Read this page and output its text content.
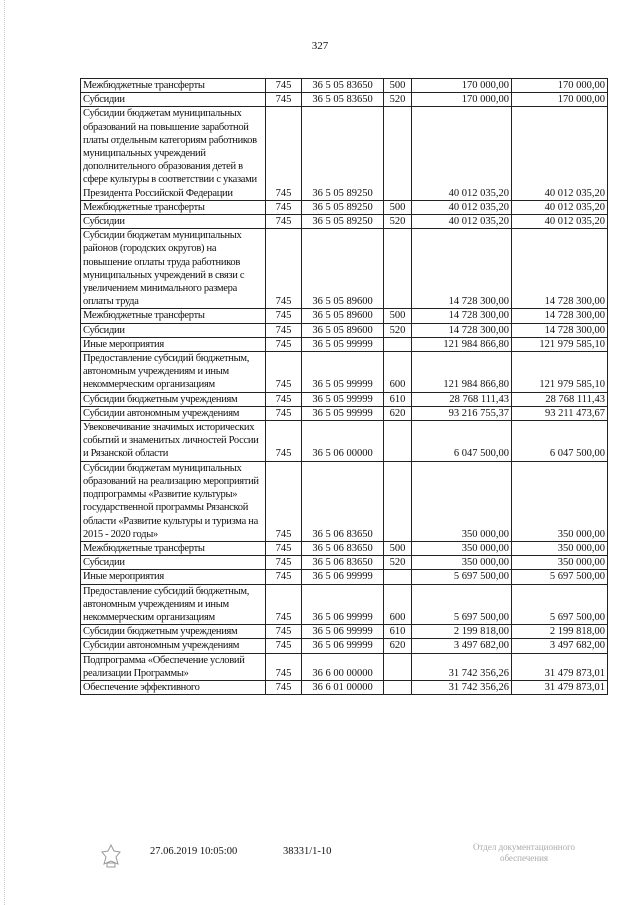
327
Межбюджетные трансферты	745	36 5 05 83650	500	170 000,00	170 000,00
Субсидии	745	36 5 05 83650	520	170 000,00	170 000,00
Субсидии бюджетам муниципальных образований на повышение заработной платы отдельным категориям работников муниципальных учреждений дополнительного образования детей в сфере культуры в соответствии с указами Президента Российской Федерации	745	36 5 05 89250		40 012 035,20	40 012 035,20
Межбюджетные трансферты	745	36 5 05 89250	500	40 012 035,20	40 012 035,20
Субсидии	745	36 5 05 89250	520	40 012 035,20	40 012 035,20
Субсидии бюджетам муниципальных районов (городских округов) на повышение оплаты труда работников муниципальных учреждений в связи с увеличением минимального размера оплаты труда	745	36 5 05 89600		14 728 300,00	14 728 300,00
Межбюджетные трансферты	745	36 5 05 89600	500	14 728 300,00	14 728 300,00
Субсидии	745	36 5 05 89600	520	14 728 300,00	14 728 300,00
Иные мероприятия	745	36 5 05 99999		121 984 866,80	121 979 585,10
Предоставление субсидий бюджетным, автономным учреждениям и иным некоммерческим организациям	745	36 5 05 99999	600	121 984 866,80	121 979 585,10
Субсидии бюджетным учреждениям	745	36 5 05 99999	610	28 768 111,43	28 768 111,43
Субсидии автономным учреждениям	745	36 5 05 99999	620	93 216 755,37	93 211 473,67
Увековечивание значимых исторических событий и знаменитых личностей России и Рязанской области	745	36 5 06 00000		6 047 500,00	6 047 500,00
Субсидии бюджетам муниципальных образований на реализацию мероприятий подпрограммы «Развитие культуры» государственной программы Рязанской области «Развитие культуры и туризма на 2015 - 2020 годы»	745	36 5 06 83650		350 000,00	350 000,00
Межбюджетные трансферты	745	36 5 06 83650	500	350 000,00	350 000,00
Субсидии	745	36 5 06 83650	520	350 000,00	350 000,00
Иные мероприятия	745	36 5 06 99999		5 697 500,00	5 697 500,00
Предоставление субсидий бюджетным, автономным учреждениям и иным некоммерческим организациям	745	36 5 06 99999	600	5 697 500,00	5 697 500,00
Субсидии бюджетным учреждениям	745	36 5 06 99999	610	2 199 818,00	2 199 818,00
Субсидии автономным учреждениям	745	36 5 06 99999	620	3 497 682,00	3 497 682,00
Подпрограмма «Обеспечение условий реализации Программы»	745	36 6 00 00000		31 742 356,26	31 479 873,01
Обеспечение эффективного	745	36 6 01 00000		31 742 356,26	31 479 873,01
27.06.2019 10:05:00	38331/1-10	Отдел документационного
обеспечения
